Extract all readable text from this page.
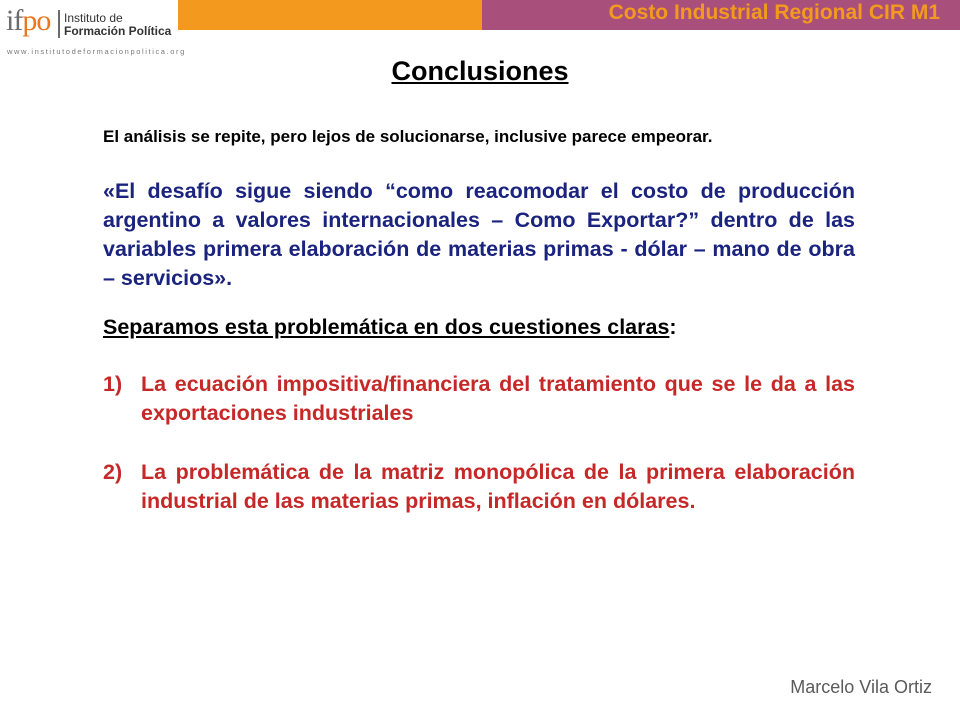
ifpo Instituto de
Formación Política
www.institutodeformacionpolitica.org
Costo Industrial Regional CIR M1
Conclusiones

El análisis se repite, pero lejos de solucionarse, inclusive parece empeorar.

«El desafío sigue siendo “como reacomodar el costo de producción argentino a valores internacionales – Como Exportar?” dentro de las variables primera elaboración de materias primas - dólar – mano de obra – servicios».

Separamos esta problemática en dos cuestiones claras:

1) La ecuación impositiva/financiera del tratamiento que se le da a las exportaciones industriales
2) La problemática de la matriz monopólica de la primera elaboración industrial de las materias primas, inflación en dólares.
Marcelo Vila Ortiz
